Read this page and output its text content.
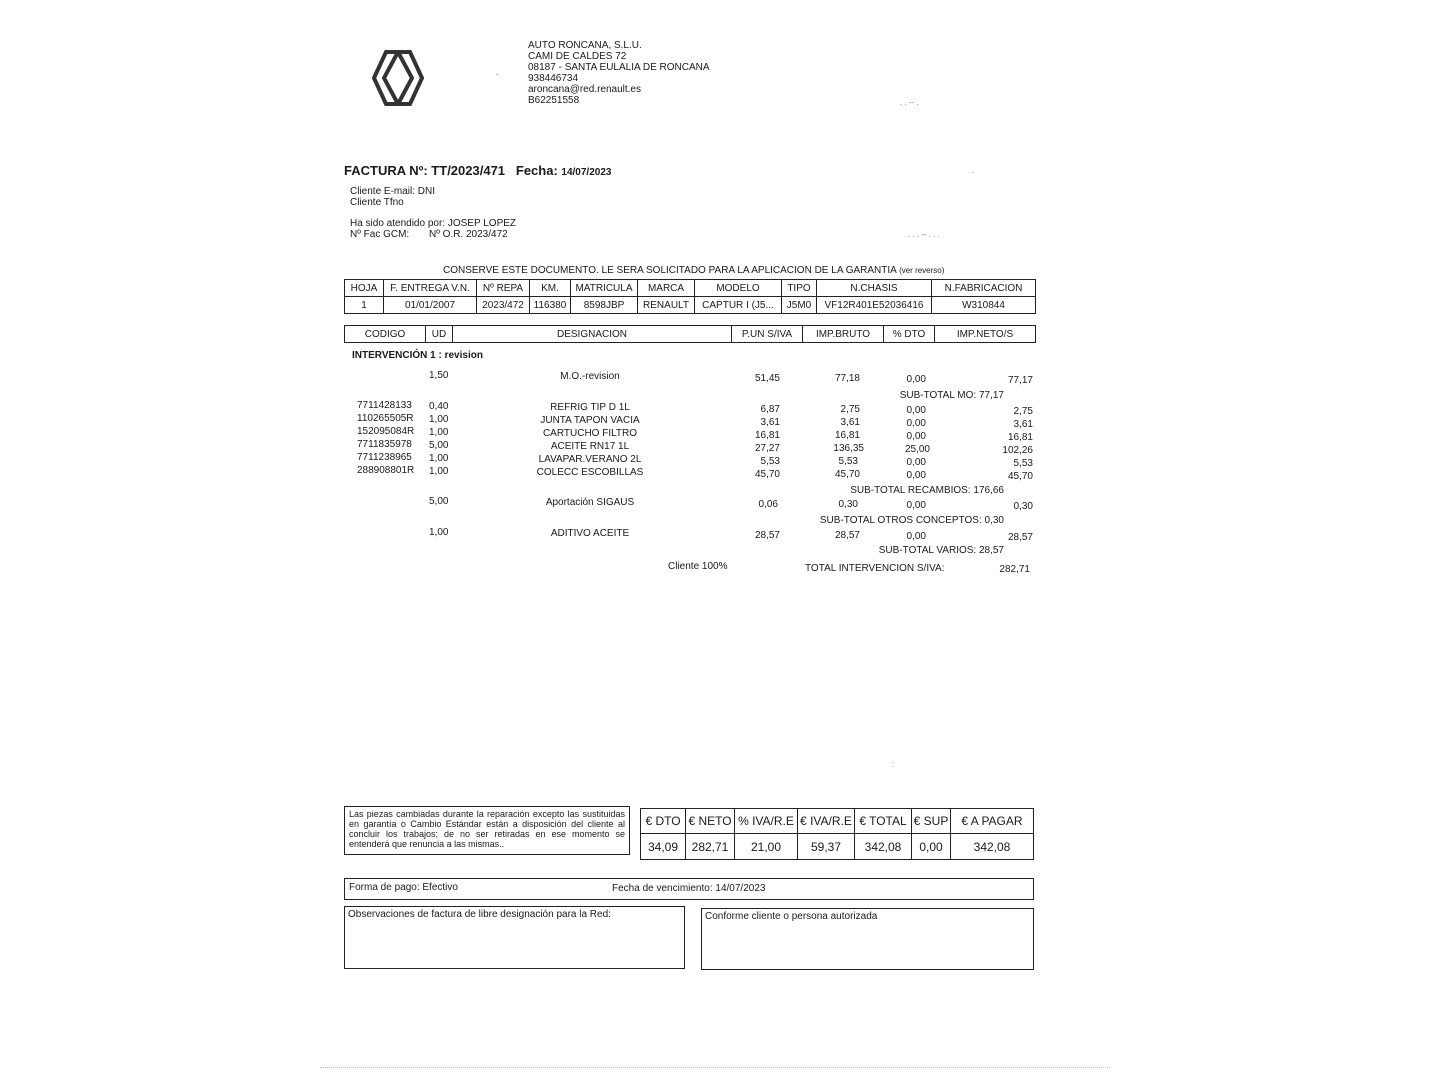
-
AUTO RONCANA, S.L.U.
CAMI DE CALDES 72
08187 - SANTA EULALIA DE RONCANA
938446734
aroncana@red.renault.es
B62251558
FACTURA Nº: TT/2023/471 Fecha: 14/07/2023
Cliente E-mail: DNI
Cliente Tfno
Ha sido atendido por: JOSEP LOPEZ
Nº Fac GCM: Nº O.R. 2023/472
CONSERVE ESTE DOCUMENTO. LE SERA SOLICITADO PARA LA APLICACION DE LA GARANTIA (ver reverso)
HOJA	F. ENTREGA V.N.	Nº REPA	KM.	MATRICULA	MARCA	MODELO	TIPO	N.CHASIS	N.FABRICACION
1	01/01/2007	2023/472	116380	8598JBP	RENAULT	CAPTUR I (J5...	J5M0	VF12R401E52036416	W310844
CODIGO	UD	DESIGNACION	P.UN S/IVA	IMP.BRUTO	% DTO	IMP.NETO/S
INTERVENCIÓN 1 : revision
1,50	M.O.-revision	51,45	77,18	0,00	77,17
SUB-TOTAL MO: 77,17
7711428133 0,40	REFRIG TIP D 1L	6,87	2,75	0,00	2,75
110265505R 1,00	JUNTA TAPON VACIA	3,61	3,61	0,00	3,61
152095084R 1,00	CARTUCHO FILTRO	16,81	16,81	0,00	16,81
7711835978 5,00	ACEITE RN17 1L	27,27	136,35	25,00	102,26
7711238965 1,00	LAVAPAR.VERANO 2L	5,53	5,53	0,00	5,53
288908801R 1,00	COLECC ESCOBILLAS	45,70	45,70	0,00	45,70
SUB-TOTAL RECAMBIOS: 176,66
5,00	Aportación SIGAUS	0,06	0,30	0,00	0,30
SUB-TOTAL OTROS CONCEPTOS: 0,30
1,00	ADITIVO ACEITE	28,57	28,57	0,00	28,57
SUB-TOTAL VARIOS: 28,57
Cliente 100%	TOTAL INTERVENCION S/IVA:	282,71
. . -- .
.
. . . -- . . .
:
Las piezas cambiadas durante la reparación excepto las sustituidas en garantía o Cambio Estándar están a disposición del cliente al concluir los trabajos; de no ser retiradas en ese momento se entenderá que renuncia a las mismas..
€ DTO	€ NETO	% IVA/R.E	€ IVA/R.E	€ TOTAL	€ SUP	€ A PAGAR
34,09	282,71	21,00	59,37	342,08	0,00	342,08
Forma de pago: Efectivo	Fecha de vencimiento: 14/07/2023
Observaciones de factura de libre designación para la Red:	Conforme cliente o persona autorizada
